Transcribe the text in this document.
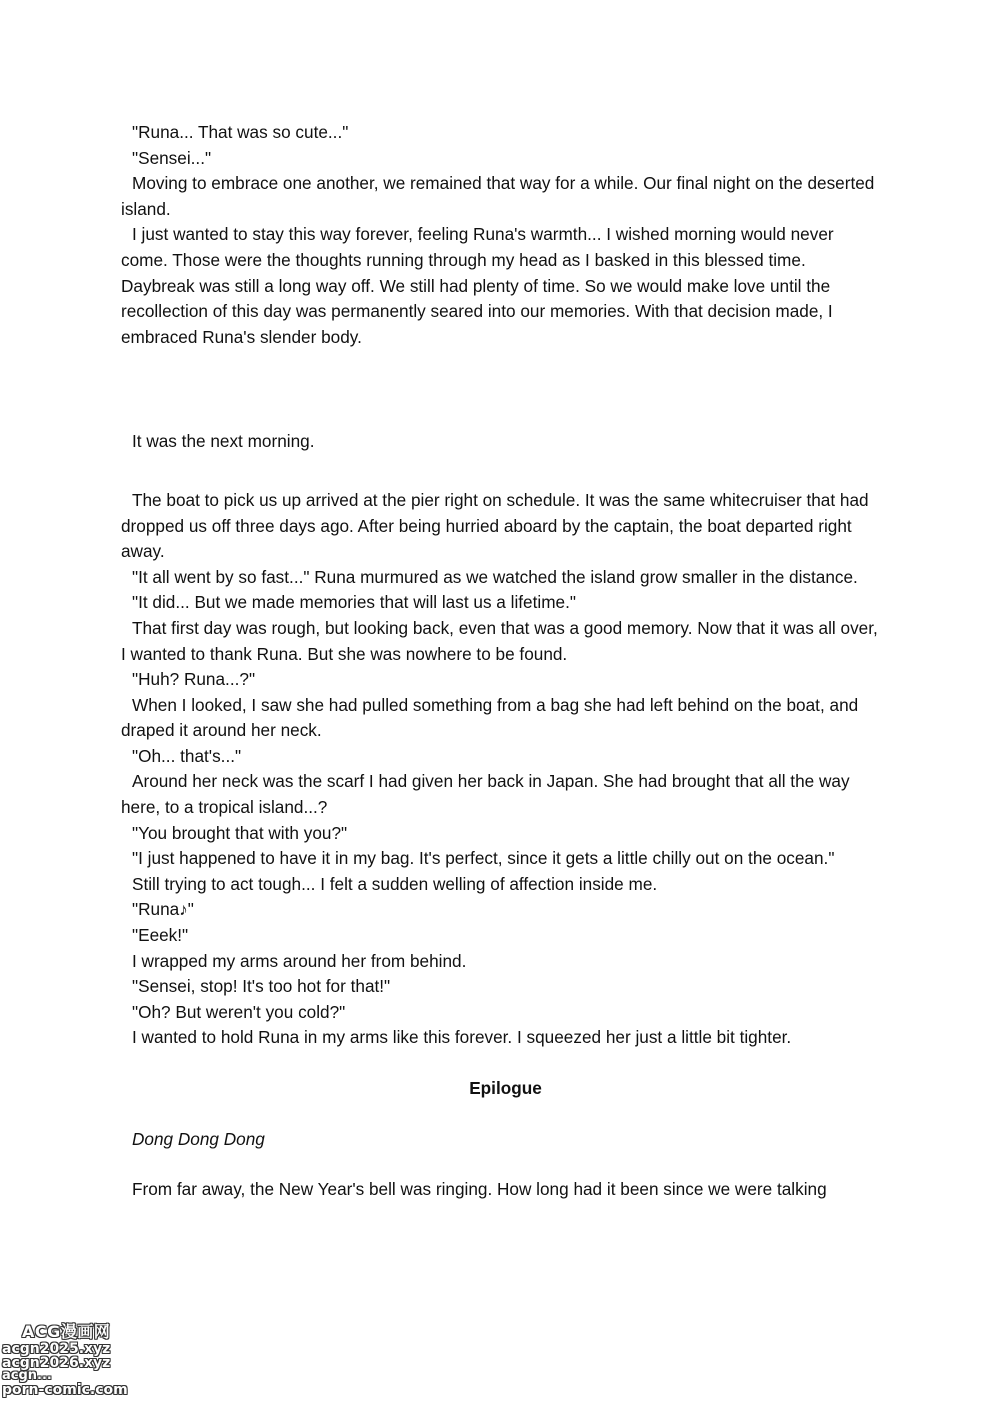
"Runa... That was so cute..."

"Sensei..."

Moving to embrace one another, we remained that way for a while. Our final night on the deserted island.

I just wanted to stay this way forever, feeling Runa's warmth... I wished morning would never come. Those were the thoughts running through my head as I basked in this blessed time. Daybreak was still a long way off. We still had plenty of time. So we would make love until the recollection of this day was permanently seared into our memories. With that decision made, I embraced Runa's slender body.

It was the next morning.

The boat to pick us up arrived at the pier right on schedule. It was the same whitecruiser that had dropped us off three days ago. After being hurried aboard by the captain, the boat departed right away.

"It all went by so fast..." Runa murmured as we watched the island grow smaller in the distance.

"It did... But we made memories that will last us a lifetime."

That first day was rough, but looking back, even that was a good memory. Now that it was all over, I wanted to thank Runa. But she was nowhere to be found.

"Huh? Runa...?"

When I looked, I saw she had pulled something from a bag she had left behind on the boat, and draped it around her neck.

"Oh... that's..."

Around her neck was the scarf I had given her back in Japan. She had brought that all the way here, to a tropical island...?

"You brought that with you?"

"I just happened to have it in my bag. It's perfect, since it gets a little chilly out on the ocean."

Still trying to act tough... I felt a sudden welling of affection inside me.

"Runa♪"

"Eeek!"

I wrapped my arms around her from behind.

"Sensei, stop! It's too hot for that!"

"Oh? But weren't you cold?"

I wanted to hold Runa in my arms like this forever. I squeezed her just a little bit tighter.

Epilogue

Dong Dong Dong

From far away, the New Year's bell was ringing. How long had it been since we were talking

ACG漫画网
acgn2025.xyz
acgn2026.xyz
acgn...
porn-comic.com
